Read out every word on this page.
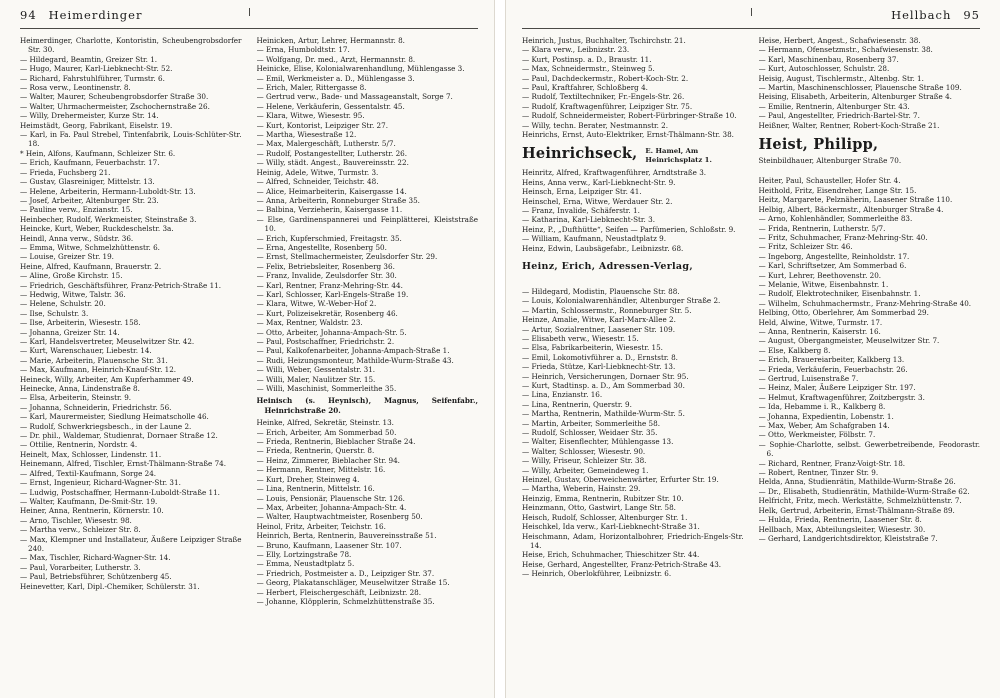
94 Heimerdinger

Heimerdinger, Charlotte, Kontoristin, Scheubengrobsdorfer Str. 30.

— Hildegard, Beamtin, Greizer Str. 1.

— Hugo, Maurer, Karl-Liebknecht-Str. 52.

— Richard, Fahrstuhlführer, Turmstr. 6.

— Rosa verw., Leontinenstr. 8.

— Walter, Maurer, Scheubengrobsdorfer Straße 30.

— Walter, Uhrmachermeister, Zschochernstraße 26.

— Willy, Drehermeister, Kurze Str. 14.

Heimstädt, Georg, Fabrikant, Eiselstr. 19.

— Karl, in Fa. Paul Strebel, Tintenfabrik, Louis-Schlüter-Str. 18.

* Hein, Alfons, Kaufmann, Schleizer Str. 6.

— Erich, Kaufmann, Feuerbachstr. 17.

— Frieda, Fuchsberg 21.

— Gustav, Glasreiniger, Mittelstr. 13.

— Helene, Arbeiterin, Hermann-Luboldt-Str. 13.

— Josef, Arbeiter, Altenburger Str. 23.

— Pauline verw., Enzianstr. 15.

Heinbecher, Rudolf, Werkmeister, Steinstraße 3.

Heincke, Kurt, Weber, Ruckdeschelstr. 3a.

Heindl, Anna verw., Südstr. 36.

— Emma, Witwe, Schmelzhüttenstr. 6.

— Louise, Greizer Str. 19.

Heine, Alfred, Kaufmann, Brauerstr. 2.

— Aline, Große Kirchstr. 15.

— Friedrich, Geschäftsführer, Franz-Petrich-Straße 11.

— Hedwig, Witwe, Talstr. 36.

— Helene, Schulstr. 20.

— Ilse, Schulstr. 3.

— Ilse, Arbeiterin, Wiesestr. 158.

— Johanna, Greizer Str. 14.

— Karl, Handelsvertreter, Meuselwitzer Str. 42.

— Kurt, Warenschauer, Liebestr. 14.

— Marie, Arbeiterin, Plauensche Str. 31.

— Max, Kaufmann, Heinrich-Knauf-Str. 12.

Heineck, Willy, Arbeiter, Am Kupferhammer 49.

Heinecke, Anna, Lindenstraße 8.

— Elsa, Arbeiterin, Steinstr. 9.

— Johanna, Schneiderin, Friedrichstr. 56.

— Karl, Maurermeister, Siedlung Heimatscholle 46.

— Rudolf, Schwerkriegsbesch., in der Laune 2.

— Dr. phil., Waldemar, Studienrat, Dornaer Straße 12.

— Ottilie, Rentnerin, Nordstr. 4.

Heinelt, Max, Schlosser, Lindenstr. 11.

Heinemann, Alfred, Tischler, Ernst-Thälmann-Straße 74.

— Alfred, Textil-Kaufmann, Sorge 24.

— Ernst, Ingenieur, Richard-Wagner-Str. 31.

— Ludwig, Postschaffner, Hermann-Luboldt-Straße 11.

— Walter, Kaufmann, De-Smit-Str. 19.

Heiner, Anna, Rentnerin, Körnerstr. 10.

— Arno, Tischler, Wiesestr. 98.

— Martha verw., Schleizer Str. 8.

— Max, Klempner und Installateur, Äußere Leipziger Straße 240.

— Max, Tischler, Richard-Wagner-Str. 14.

— Paul, Vorarbeiter, Lutherstr. 3.

— Paul, Betriebsführer, Schützenberg 45.

Heinevetter, Karl, Dipl.-Chemiker, Schülerstr. 31.

Heinicken, Artur, Lehrer, Hermannstr. 8.

— Erna, Humboldtstr. 17.

— Wolfgang, Dr. med., Arzt, Hermannstr. 8.

Heinicke, Elise, Kolonialwarenhandlung, Mühlengasse 3.

— Emil, Werkmeister a. D., Mühlengasse 3.

— Erich, Maler, Rittergasse 8.

— Gertrud verw., Bade- und Massageanstalt, Sorge 7.

— Helene, Verkäuferin, Gessentalstr. 45.

— Klara, Witwe, Wiesestr. 95.

— Kurt, Kontorist, Leipziger Str. 27.

— Martha, Wiesestraße 12.

— Max, Malergeschäft, Lutherstr. 5/7.

— Rudolf, Postangestellter, Lutherstr. 26.

— Willy, städt. Angest., Bauvereinsstr. 22.

Heinig, Adele, Witwe, Turmstr. 3.

— Alfred, Schneider, Teichstr. 48.

— Alice, Heimarbeiterin, Kaisergasse 14.

— Anna, Arbeiterin, Ronneburger Straße 35.

— Balbina, Verzieherin, Kaisergasse 11.

— Else, Gardinenspannerei und Feinplätterei, Kleiststraße 10.

— Erich, Kupferschmied, Freitagstr. 35.

— Erna, Angestellte, Rosenberg 50.

— Ernst, Stellmachermeister, Zeulsdorfer Str. 29.

— Felix, Betriebsleiter, Rosenberg 36.

— Franz, Invalide, Zeulsdorfer Str. 30.

— Karl, Rentner, Franz-Mehring-Str. 44.

— Karl, Schlosser, Karl-Engels-Straße 19.

— Klara, Witwe, W.-Weber-Hof 2.

— Kurt, Polizeisekretär, Rosenberg 46.

— Max, Rentner, Waldstr. 23.

— Otto, Arbeiter, Johanna-Ampach-Str. 5.

— Paul, Postschaffner, Friedrichstr. 2.

— Paul, Kalkofenarbeiter, Johanna-Ampach-Straße 1.

— Rudi, Heizungsmonteur, Mathilde-Wurm-Straße 43.

— Willi, Weber, Gessentalstr. 31.

— Willi, Maler, Naulitzer Str. 15.

— Willi, Maschinist, Sommerleithe 35.

Heinisch (s. Heynisch), Magnus, Seifenfabr., Heinrichstraße 20.

Heinke, Alfred, Sekretär, Steinstr. 13.

— Erich, Arbeiter, Am Sommerbad 50.

— Frieda, Rentnerin, Bieblacher Straße 24.

— Frieda, Rentnerin, Querstr. 8.

— Heinz, Zimmerer, Bieblacher Str. 94.

— Hermann, Rentner, Mittelstr. 16.

— Kurt, Dreher, Steinweg 4.

— Lina, Rentnerin, Mittelstr. 16.

— Louis, Pensionär, Plauensche Str. 126.

— Max, Arbeiter, Johanna-Ampach-Str. 4.

— Walter, Hauptwachtmeister, Rosenberg 50.

Heinol, Fritz, Arbeiter, Teichstr. 16.

Heinrich, Berta, Rentnerin, Bauvereinsstraße 51.

— Bruno, Kaufmann, Laasener Str. 107.

— Elly, Lortzingstraße 78.

— Emma, Neustadtplatz 5.

— Friedrich, Postmeister a. D., Leipziger Str. 37.

— Georg, Plakatanschläger, Meuselwitzer Straße 15.

— Herbert, Fleischergeschäft, Leibnizstr. 28.

— Johanne, Klöpplerin, Schmelzhüttenstraße 35.

Hellbach 95

Heinrich, Justus, Buchhalter, Tschirchstr. 21.

— Klara verw., Leibnizstr. 23.

— Kurt, Postinsp. a. D., Braustr. 11.

— Max, Schneidermstr., Steinweg 5.

— Paul, Dachdeckermstr., Robert-Koch-Str. 2.

— Paul, Kraftfahrer, Schloßberg 4.

— Rudolf, Textiltechniker, Fr.-Engels-Str. 26.

— Rudolf, Kraftwagenführer, Leipziger Str. 75.

— Rudolf, Schneidermeister, Robert-Fürbringer-Straße 10.

— Willy, techn. Berater, Nestmannstr. 2.

Heinrichs, Ernst, Auto-Elektriker, Ernst-Thälmann-Str. 38.

Heinrichseck, E. Hamel, Am Heinrichsplatz 1.

Heinritz, Alfred, Kraftwagenführer, Arndtstraße 3.

Heins, Anna verw., Karl-Liebknecht-Str. 9.

Heinsch, Erna, Leipziger Str. 41.

Heinschel, Erna, Witwe, Werdauer Str. 2.

— Franz, Invalide, Schäferstr. 1.

— Katharina, Karl-Liebknecht-Str. 3.

Heinz, P., „Dufthütte“, Seifen — Parfümerien, Schloßstr. 9.

— William, Kaufmann, Neustadtplatz 9.

Heinz, Edwin, Laubsägefabr., Leibnizstr. 68.

Heinz, Erich, Adressen-Verlag,

— Hildegard, Modistin, Plauensche Str. 88.

— Louis, Kolonialwarenhändler, Altenburger Straße 2.

— Martin, Schlossermstr., Ronneburger Str. 5.

Heinze, Amalie, Witwe, Karl-Marx-Allee 2.

— Artur, Sozialrentner, Laasener Str. 109.

— Elisabeth verw., Wiesestr. 15.

— Elsa, Fabrikarbeiterin, Wiesestr. 15.

— Emil, Lokomotivführer a. D., Ernststr. 8.

— Frieda, Stütze, Karl-Liebknecht-Str. 13.

— Heinrich, Versicherungen, Dornaer Str. 95.

— Kurt, Stadtinsp. a. D., Am Sommerbad 30.

— Lina, Enzianstr. 16.

— Lina, Rentnerin, Querstr. 9.

— Martha, Rentnerin, Mathilde-Wurm-Str. 5.

— Martin, Arbeiter, Sommerleithe 58.

— Rudolf, Schlosser, Weidaer Str. 35.

— Walter, Eisenflechter, Mühlengasse 13.

— Walter, Schlosser, Wiesestr. 90.

— Willy, Friseur, Schleizer Str. 38.

— Willy, Arbeiter, Gemeindeweg 1.

Heinzel, Gustav, Oberweichenwärter, Erfurter Str. 19.

— Martha, Weberin, Hainstr. 29.

Heinzig, Emma, Rentnerin, Rubitzer Str. 10.

Heinzmann, Otto, Gastwirt, Lange Str. 58.

Heisch, Rudolf, Schlosser, Altenburger Str. 1.

Heischkel, Ida verw., Karl-Liebknecht-Straße 31.

Heischmann, Adam, Horizontalbohrer, Friedrich-Engels-Str. 14.

Heise, Erich, Schuhmacher, Thieschitzer Str. 44.

Heise, Gerhard, Angestellter, Franz-Petrich-Straße 43.

— Heinrich, Oberlokführer, Leibnizstr. 6.

Heise, Herbert, Angest., Schafwiesenstr. 38.

— Hermann, Ofensetzmstr., Schafwiesenstr. 38.

— Karl, Maschinenbau, Rosenberg 37.

— Kurt, Autoschlosser, Schulstr. 28.

Heisig, August, Tischlermstr., Altenbg. Str. 1.

— Martin, Maschinenschlosser, Plauensche Straße 109.

Heising, Elisabeth, Arbeiterin, Altenburger Straße 4.

— Emilie, Rentnerin, Altenburger Str. 43.

— Paul, Angestellter, Friedrich-Bartel-Str. 7.

Heißner, Walter, Rentner, Robert-Koch-Straße 21.

Heist, Philipp,

Steinbildhauer, Altenburger Straße 70.

Heiter, Paul, Schausteller, Hofer Str. 4.

Heithold, Fritz, Eisendreher, Lange Str. 15.

Heitz, Margarete, Pelznäherin, Laasener Straße 110.

Helbig, Albert, Bäckermstr., Altenburger Straße 4.

— Arno, Kohlenhändler, Sommerleithe 83.

— Frida, Rentnerin, Lutherstr. 5/7.

— Fritz, Schuhmacher, Franz-Mehring-Str. 40.

— Fritz, Schleizer Str. 46.

— Ingeborg, Angestellte, Reinholdstr. 17.

— Karl, Schriftsetzer, Am Sommerbad 6.

— Kurt, Lehrer, Beethovenstr. 20.

— Melanie, Witwe, Eisenbahnstr. 1.

— Rudolf, Elektrotechniker, Eisenbahnstr. 1.

— Wilhelm, Schuhmachermstr., Franz-Mehring-Straße 40.

Helbing, Otto, Oberlehrer, Am Sommerbad 29.

Held, Alwine, Witwe, Turmstr. 17.

— Anna, Rentnerin, Kaiserstr. 16.

— August, Obergangmeister, Meuselwitzer Str. 7.

— Else, Kalkberg 8.

— Erich, Brauereiarbeiter, Kalkberg 13.

— Frieda, Verkäuferin, Feuerbachstr. 26.

— Gertrud, Luisenstraße 7.

— Heinz, Maler, Äußere Leipziger Str. 197.

— Helmut, Kraftwagenführer, Zoitzbergstr. 3.

— Ida, Hebamme i. R., Kalkberg 8.

— Johanna, Expedientin, Lobenstr. 1.

— Max, Weber, Am Schafgraben 14.

— Otto, Werkmeister, Fölbstr. 7.

— Sophie-Charlotte, selbst. Gewerbetreibende, Feodorastr. 6.

— Richard, Rentner, Franz-Voigt-Str. 18.

— Robert, Rentner, Tinzer Str. 9.

Helda, Anna, Studienrätin, Mathilde-Wurm-Straße 26.

— Dr., Elisabeth, Studienrätin, Mathilde-Wurm-Straße 62.

Helfricht, Fritz, mech. Werkstätte, Schmelzhüttenstr. 7.

Helk, Gertrud, Arbeiterin, Ernst-Thälmann-Straße 89.

— Hulda, Frieda, Rentnerin, Laasener Str. 8.

Hellbach, Max, Abteilungsleiter, Wiesestr. 30.

— Gerhard, Landgerichtsdirektor, Kleiststraße 7.
